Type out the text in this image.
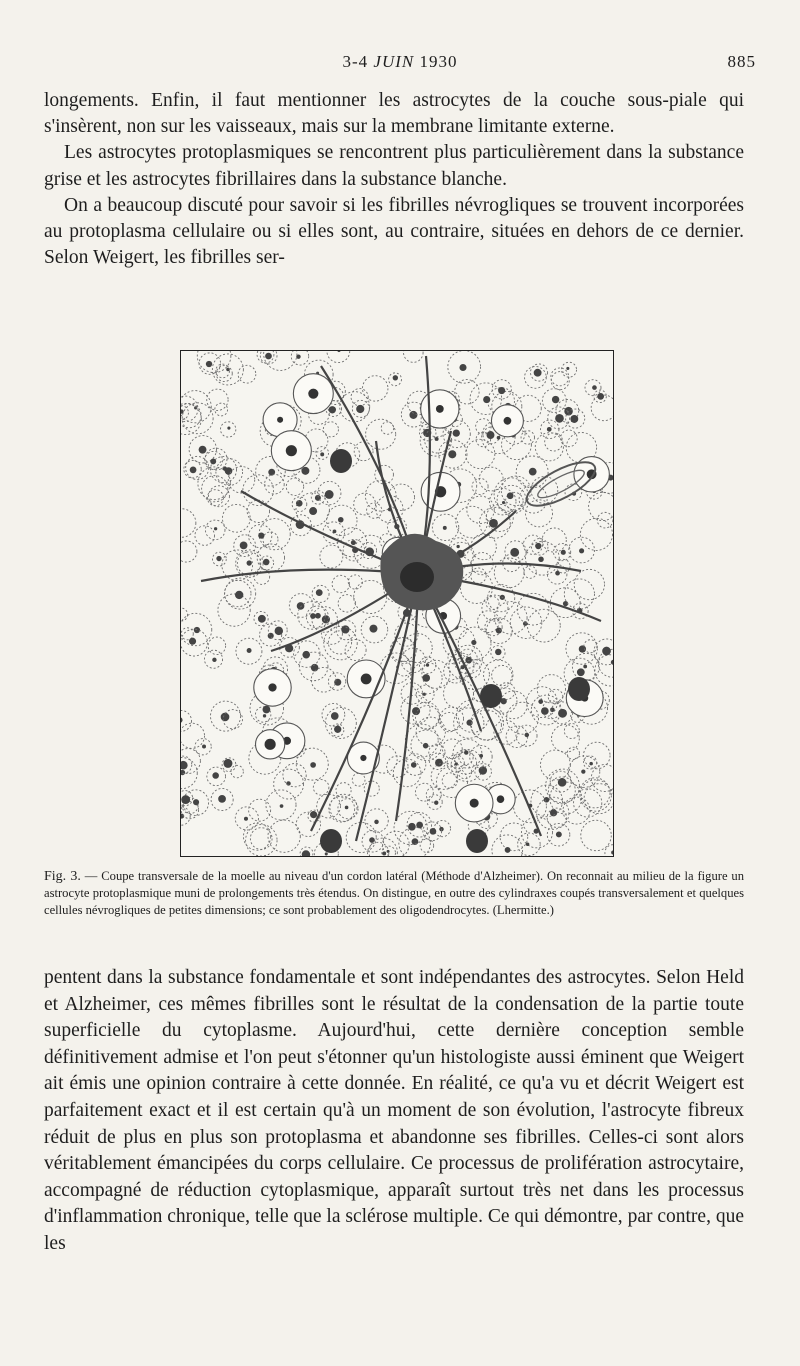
3-4 JUIN 1930	885

longements. Enfin, il faut mentionner les astrocytes de la couche sous-piale qui s'insèrent, non sur les vaisseaux, mais sur la membrane limitante externe.

Les astrocytes protoplasmiques se rencontrent plus particulièrement dans la substance grise et les astrocytes fibrillaires dans la substance blanche.

On a beaucoup discuté pour savoir si les fibrilles névrogliques se trouvent incorporées au protoplasma cellulaire ou si elles sont, au contraire, situées en dehors de ce dernier. Selon Weigert, les fibrilles ser-

Fig. 3. — Coupe transversale de la moelle au niveau d'un cordon latéral (Méthode d'Alzheimer). On reconnait au milieu de la figure un astrocyte protoplasmique muni de prolongements très étendus. On distingue, en outre des cylindraxes coupés transversalement et quelques cellules névrogliques de petites dimensions; ce sont probablement des oligodendrocytes. (Lhermitte.)

pentent dans la substance fondamentale et sont indépendantes des astrocytes. Selon Held et Alzheimer, ces mêmes fibrilles sont le résultat de la condensation de la partie toute superficielle du cytoplasme. Aujourd'hui, cette dernière conception semble définitivement admise et l'on peut s'étonner qu'un histologiste aussi éminent que Weigert ait émis une opinion contraire à cette donnée. En réalité, ce qu'a vu et décrit Weigert est parfaitement exact et il est certain qu'à un moment de son évolution, l'astrocyte fibreux réduit de plus en plus son protoplasma et abandonne ses fibrilles. Celles-ci sont alors véritablement émancipées du corps cellulaire. Ce processus de prolifération astrocytaire, accompagné de réduction cytoplasmique, apparaît surtout très net dans les processus d'inflammation chronique, telle que la sclérose multiple. Ce qui démontre, par contre, que les
